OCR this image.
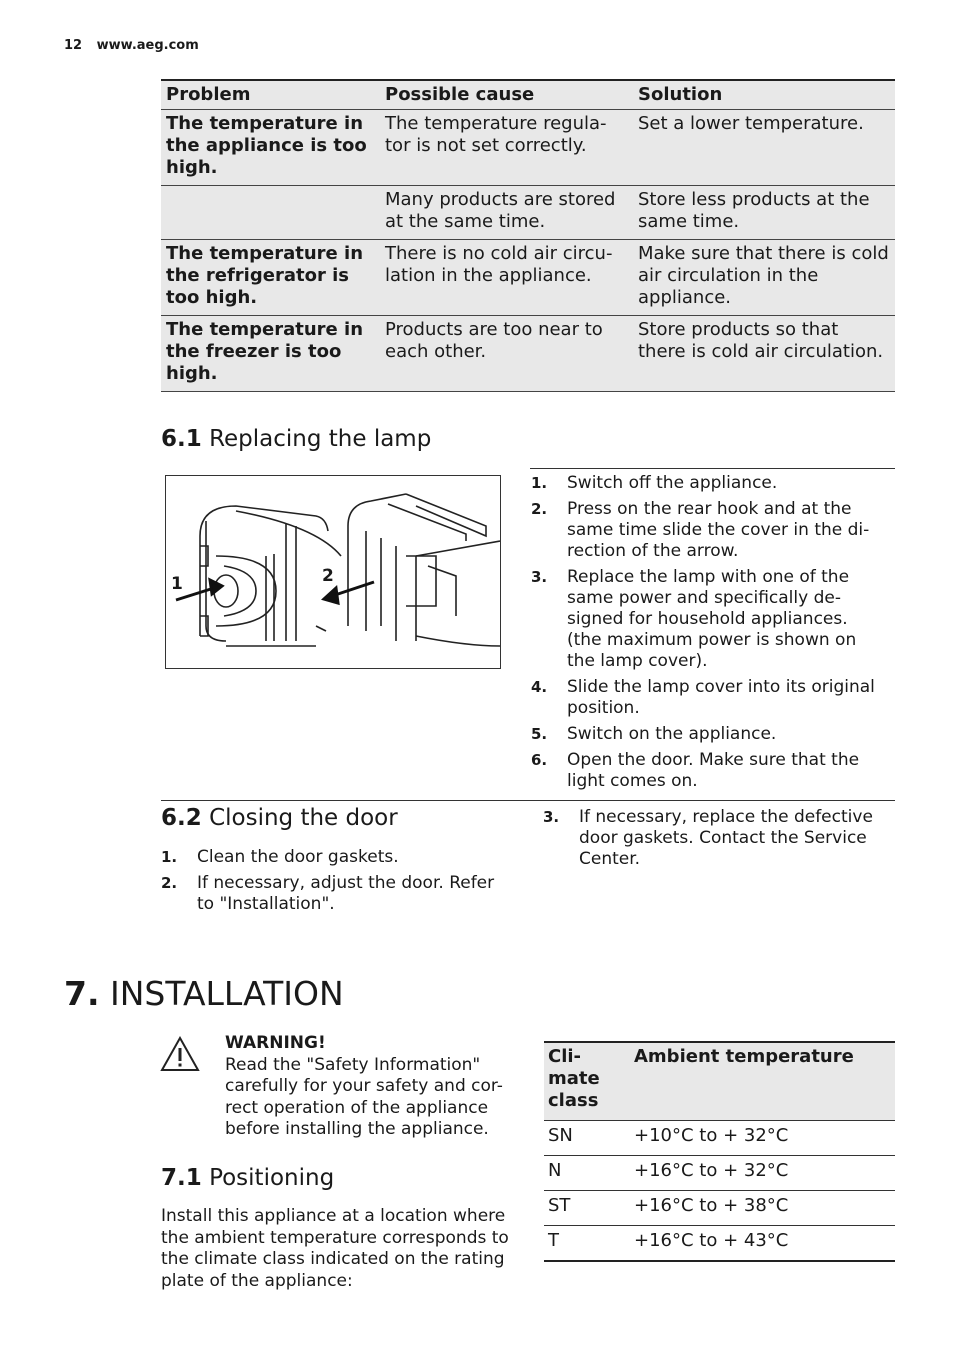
12 www.aeg.com
Problem	Possible cause	Solution
The temperature in the appliance is too high.	The temperature regula-tor is not set correctly.	Set a lower temperature.
	Many products are stored at the same time.	Store less products at the same time.
The temperature in the refrigerator is too high.	There is no cold air circu-lation in the appliance.	Make sure that there is cold air circulation in the appliance.
The temperature in the freezer is too high.	Products are too near to each other.	Store products so that there is cold air circulation.
6.1 Replacing the lamp
1	2
1. Switch off the appliance.
2. Press on the rear hook and at the same time slide the cover in the di-rection of the arrow.
3. Replace the lamp with one of the same power and specifically de-signed for household appliances. (the maximum power is shown on the lamp cover).
4. Slide the lamp cover into its original position.
5. Switch on the appliance.
6. Open the door. Make sure that the light comes on.
6.2 Closing the door
1. Clean the door gaskets.
2. If necessary, adjust the door. Refer to "Installation".
3. If necessary, replace the defective door gaskets. Contact the Service Center.
7. INSTALLATION
WARNING!
Read the "Safety Information" carefully for your safety and cor-rect operation of the appliance before installing the appliance.
7.1 Positioning
Install this appliance at a location where the ambient temperature corresponds to the climate class indicated on the rating plate of the appliance:
Cli-mate class	Ambient temperature
SN	+10°C to + 32°C
N	+16°C to + 32°C
ST	+16°C to + 38°C
T	+16°C to + 43°C
